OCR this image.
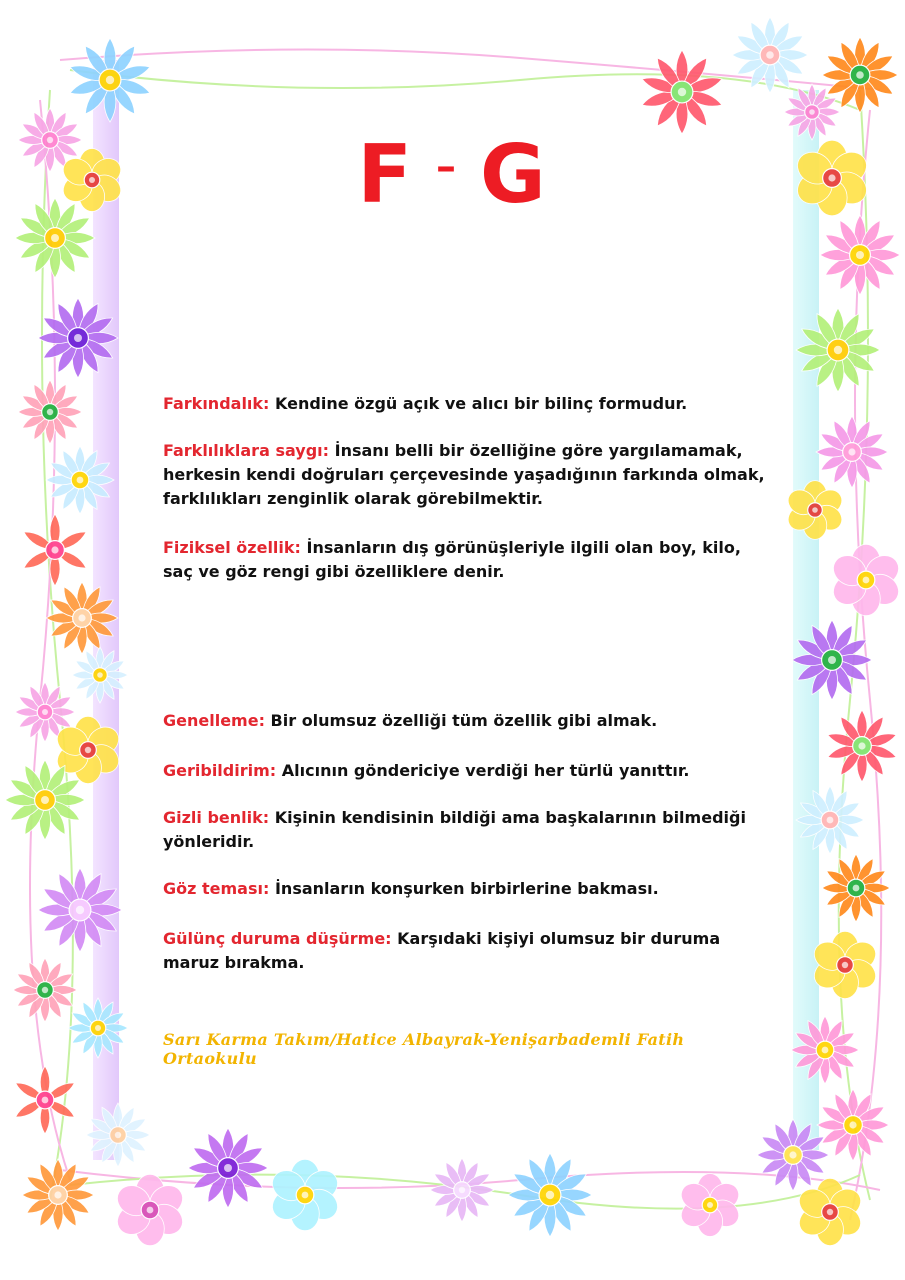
F – G
Farkındalık: Kendine özgü açık ve alıcı bir bilinç formudur.
Farklılıklara saygı: İnsanı belli bir özelliğine göre yargılamamak, herkesin kendi doğruları çerçevesinde yaşadığının farkında olmak, farklılıkları zenginlik olarak görebilmektir.
Fiziksel özellik: İnsanların dış görünüşleriyle ilgili olan boy, kilo, saç ve göz rengi gibi özelliklere denir.
Genelleme: Bir olumsuz özelliği tüm özellik gibi almak.
Geribildirim: Alıcının göndericiye verdiği her türlü yanıttır.
Gizli benlik: Kişinin kendisinin bildiği ama başkalarının bilmediği yönleridir.
Göz teması: İnsanların konşurken birbirlerine bakması.
Gülünç duruma düşürme: Karşıdaki kişiyi olumsuz bir duruma maruz bırakma.
Sarı Karma Takım/Hatice Albayrak-Yenişarbademli Fatih Ortaokulu
